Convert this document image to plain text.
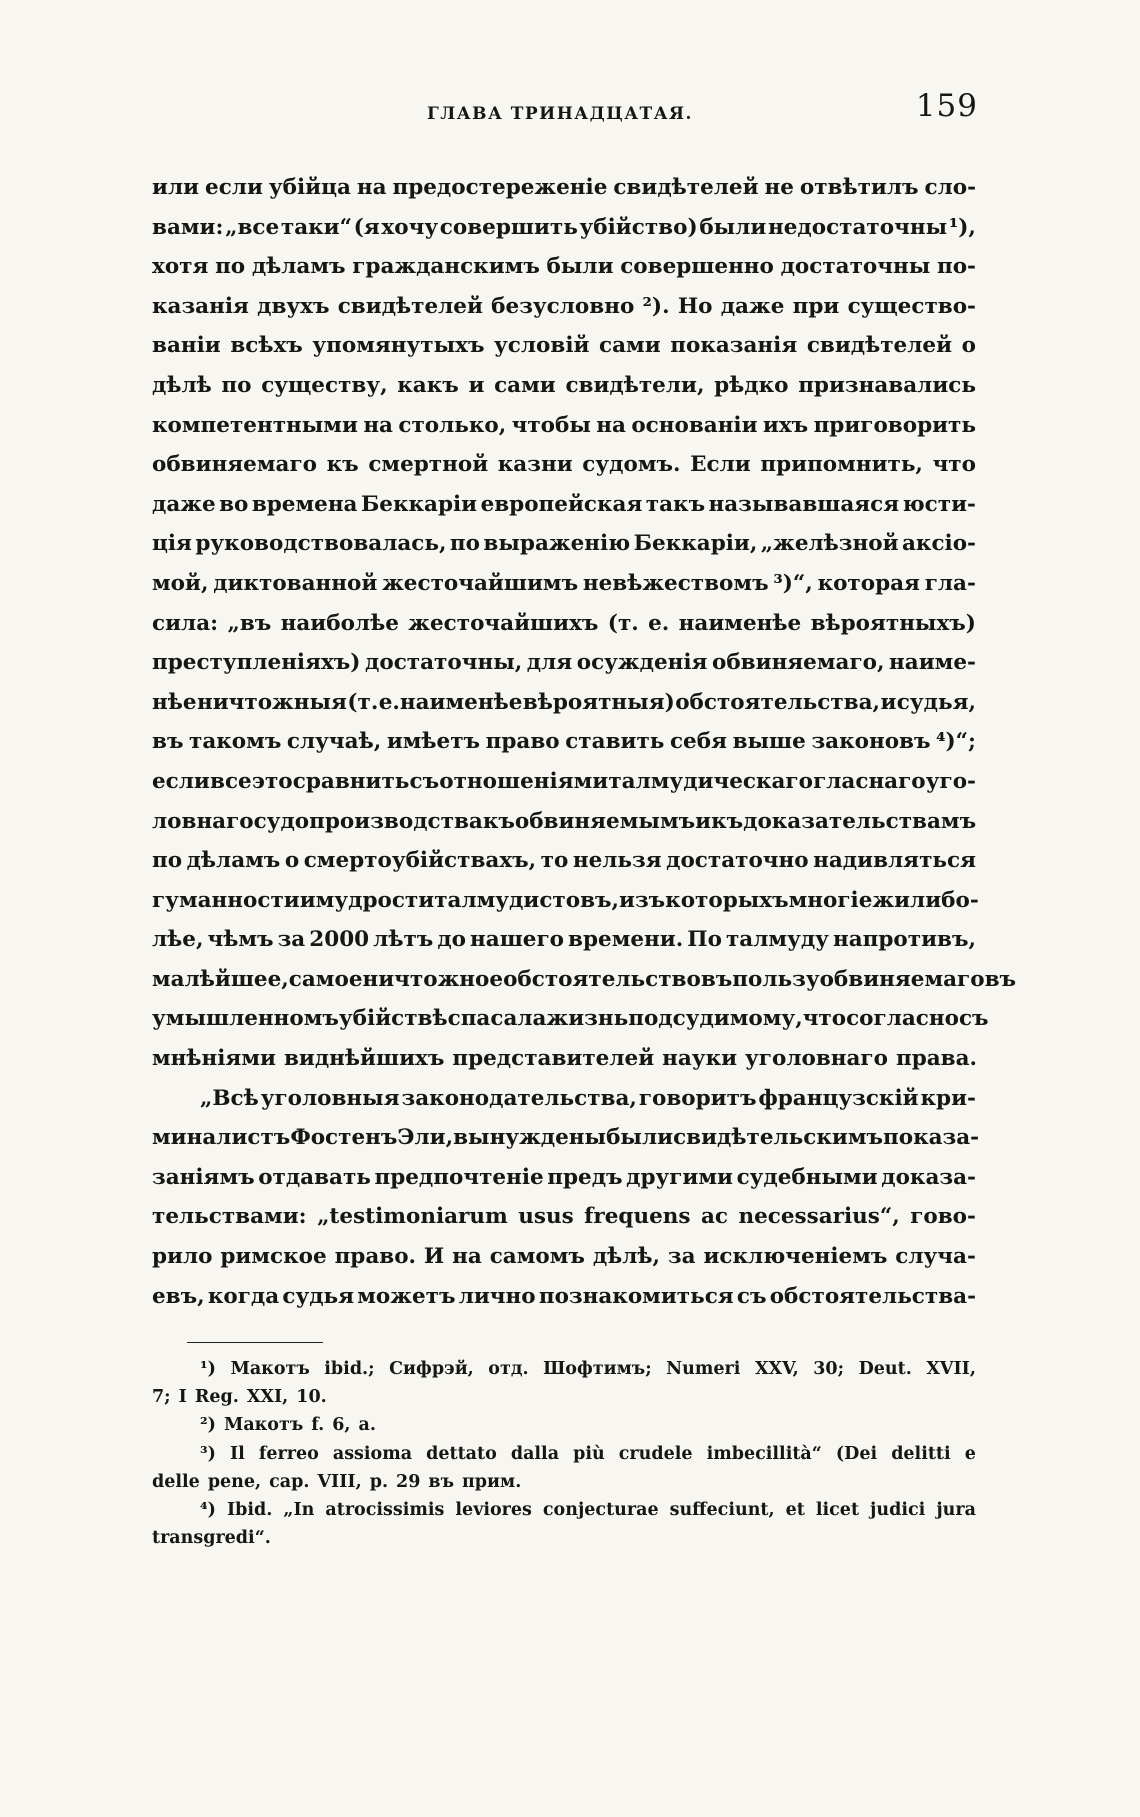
ГЛАВА ТРИНАДЦАТАЯ.	159
или если убійца на предостереженіе свидѣтелей не отвѣтилъ сло-
вами: „все таки“ (я хочу совершить убійство) были недостаточны ¹),
хотя по дѣламъ гражданскимъ были совершенно достаточны по-
казанія двухъ свидѣтелей безусловно ²). Но даже при существо-
ваніи всѣхъ упомянутыхъ условій сами показанія свидѣтелей о
дѣлѣ по существу, какъ и сами свидѣтели, рѣдко признавались
компетентными на столько, чтобы на основаніи ихъ приговорить
обвиняемаго къ смертной казни судомъ. Если припомнить, что
даже во времена Беккаріи европейская такъ называвшаяся юсти-
ція руководствовалась, по выраженію Беккаріи, „желѣзной аксіо-
мой, диктованной жесточайшимъ невѣжествомъ ³)“, которая гла-
сила: „въ наиболѣе жесточайшихъ (т. е. наименѣе вѣроятныхъ)
преступленіяхъ) достаточны, для осужденія обвиняемаго, наиме-
нѣе ничтожныя (т. е.наименѣе вѣроятныя) обстоятельства, и судья,
въ такомъ случаѣ, имѣетъ право ставить себя выше законовъ ⁴)“;
если все это сравнить съ отношеніями талмудическаго гласнаго уго-
ловнаго судопроизводства къ обвиняемымъ и къ доказательствамъ
по дѣламъ о смертоубійствахъ, то нельзя достаточно надивляться
гуманности и мудрости талмудистовъ, изъ которыхъ многіе жили бо-
лѣе, чѣмъ за 2000 лѣтъ до нашего времени. По талмуду напротивъ,
малѣйшее, самое ничтожное обстоятельство въ пользу обвиняемаго въ
умышленномъ убійствѣ спасала жизнь подсудимому, что согласно съ
мнѣніями виднѣйшихъ представителей науки уголовнаго права.
„Всѣ уголовныя законодательства, говоритъ французскій кри-
миналистъ Фостенъ Эли, вынуждены были свидѣтельскимъ показа-
заніямъ отдавать предпочтеніе предъ другими судебными доказа-
тельствами: „testimoniarum usus frequens ac necessarius“, гово-
рило римское право. И на самомъ дѣлѣ, за исключеніемъ случа-
евъ, когда судья можетъ лично познакомиться съ обстоятельства-
¹) Макотъ ibid.; Сифрэй, отд. Шофтимъ; Numeri XXV, 30; Deut. XVII,
7; I Reg. XXI, 10.
²) Макотъ f. 6, a.
³) Il ferreo assioma dettato dalla più crudele imbecillità“ (Dei delitti e
delle pene, cap. VIII, p. 29 въ прим.
⁴) Ibid. „In atrocissimis leviores conjecturae suffeciunt, et licet judici jura
transgredi“.
